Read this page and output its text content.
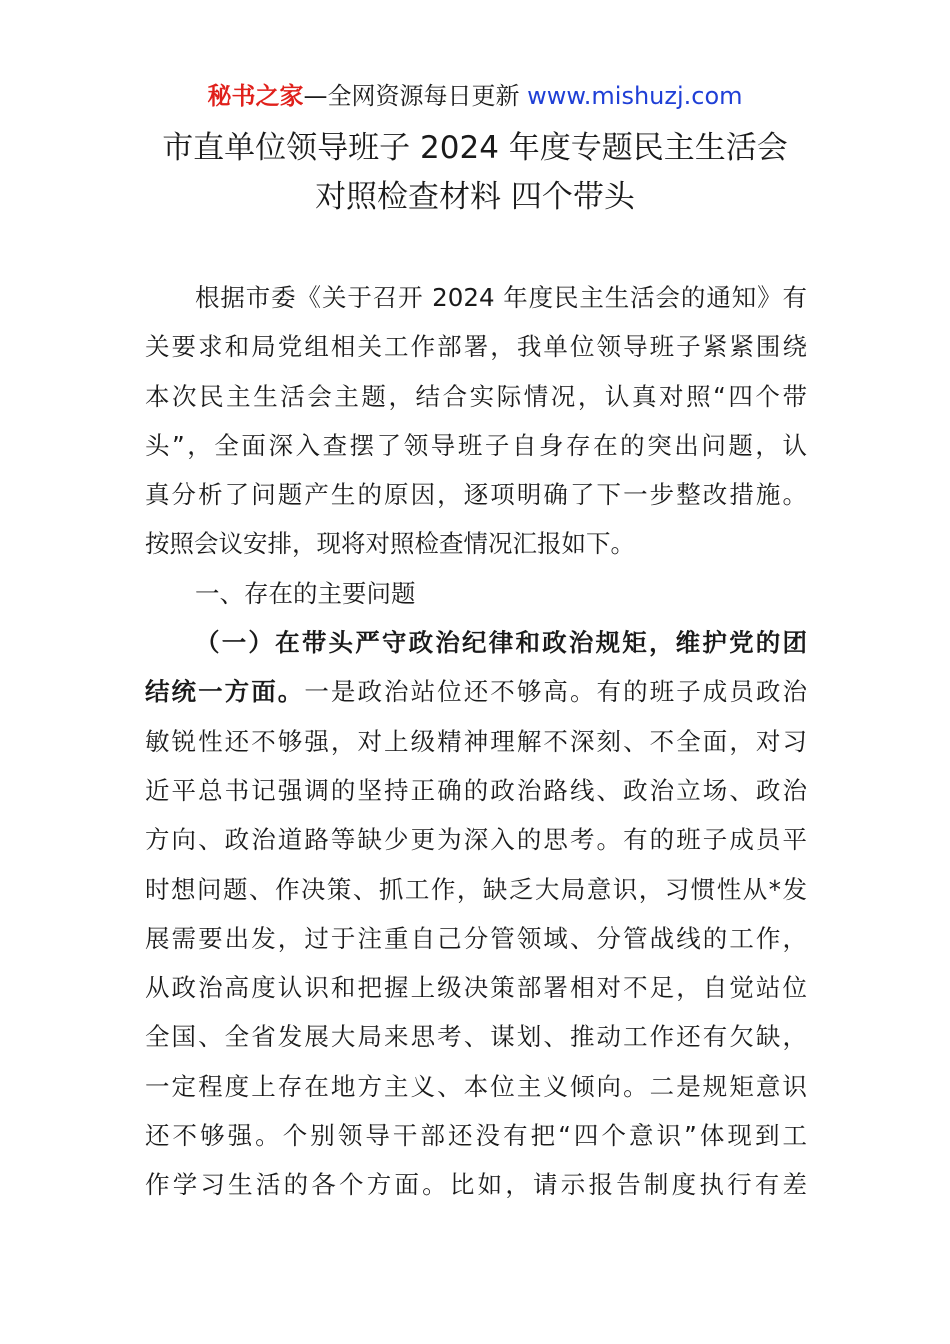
秘书之家—全网资源每日更新 www.mishuzj.com
市直单位领导班子 2024 年度专题民主生活会
对照检查材料 四个带头
根据市委《关于召开 2024 年度民主生活会的通知》有
关要求和局党组相关工作部署，我单位领导班子紧紧围绕
本次民主生活会主题，结合实际情况，认真对照“四个带
头”，全面深入查摆了领导班子自身存在的突出问题，认
真分析了问题产生的原因，逐项明确了下一步整改措施。
按照会议安排，现将对照检查情况汇报如下。
一、存在的主要问题
（一）在带头严守政治纪律和政治规矩，维护党的团
结统一方面。一是政治站位还不够高。有的班子成员政治
敏锐性还不够强，对上级精神理解不深刻、不全面，对习
近平总书记强调的坚持正确的政治路线、政治立场、政治
方向、政治道路等缺少更为深入的思考。有的班子成员平
时想问题、作决策、抓工作，缺乏大局意识，习惯性从*发
展需要出发，过于注重自己分管领域、分管战线的工作，
从政治高度认识和把握上级决策部署相对不足，自觉站位
全国、全省发展大局来思考、谋划、推动工作还有欠缺，
一定程度上存在地方主义、本位主义倾向。二是规矩意识
还不够强。个别领导干部还没有把“四个意识”体现到工
作学习生活的各个方面。比如，请示报告制度执行有差
